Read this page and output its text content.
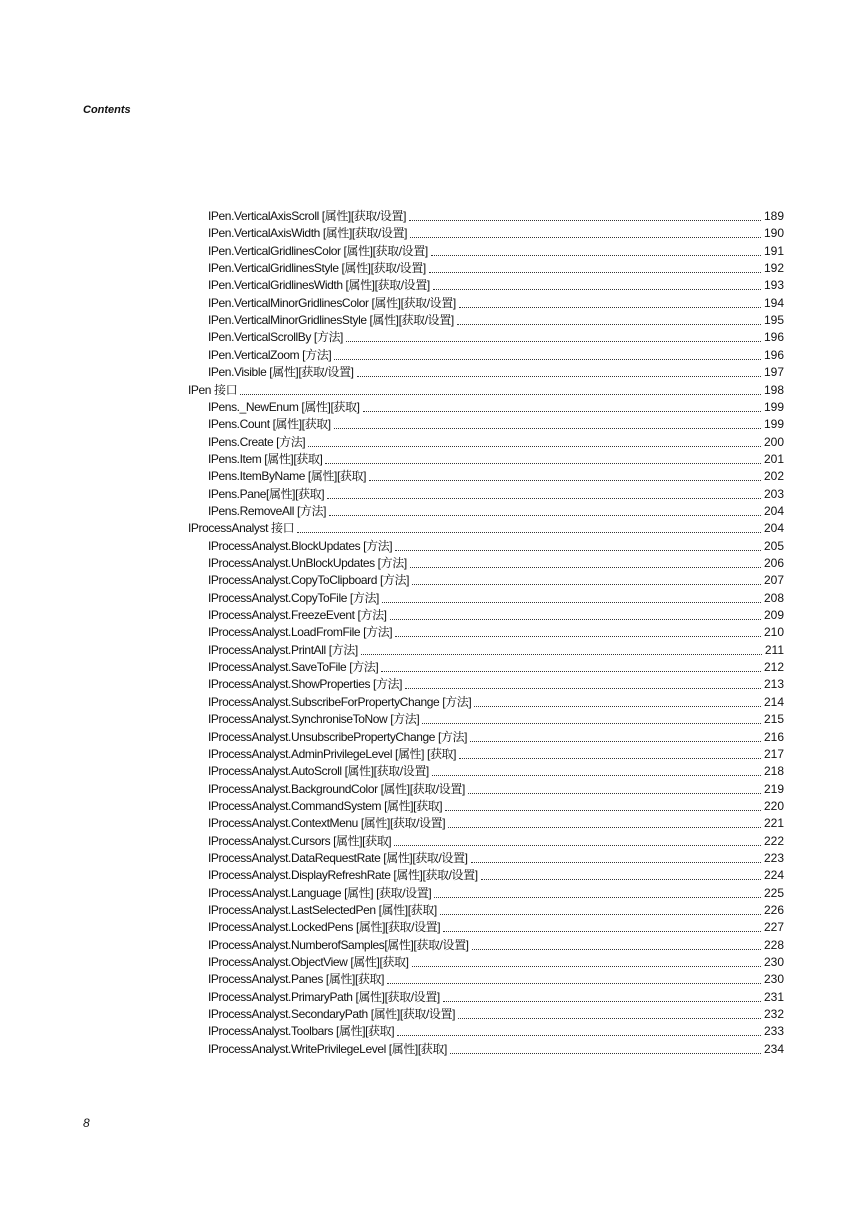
Contents
IPen.VerticalAxisScroll [属性][获取/设置]	189
IPen.VerticalAxisWidth [属性][获取/设置]	190
IPen.VerticalGridlinesColor [属性][获取/设置]	191
IPen.VerticalGridlinesStyle [属性][获取/设置]	192
IPen.VerticalGridlinesWidth [属性][获取/设置]	193
IPen.VerticalMinorGridlinesColor [属性][获取/设置]	194
IPen.VerticalMinorGridlinesStyle [属性][获取/设置]	195
IPen.VerticalScrollBy [方法]	196
IPen.VerticalZoom [方法]	196
IPen.Visible [属性][获取/设置]	197
IPen 接口	198
IPens._NewEnum [属性][获取]	199
IPens.Count [属性][获取]	199
IPens.Create [方法]	200
IPens.Item [属性][获取]	201
IPens.ItemByName [属性][获取]	202
IPens.Pane[属性][获取]	203
IPens.RemoveAll [方法]	204
IProcessAnalyst 接口	204
IProcessAnalyst.BlockUpdates [方法]	205
IProcessAnalyst.UnBlockUpdates [方法]	206
IProcessAnalyst.CopyToClipboard [方法]	207
IProcessAnalyst.CopyToFile [方法]	208
IProcessAnalyst.FreezeEvent [方法]	209
IProcessAnalyst.LoadFromFile [方法]	210
IProcessAnalyst.PrintAll [方法]	211
IProcessAnalyst.SaveToFile [方法]	212
IProcessAnalyst.ShowProperties [方法]	213
IProcessAnalyst.SubscribeForPropertyChange [方法]	214
IProcessAnalyst.SynchroniseToNow [方法]	215
IProcessAnalyst.UnsubscribePropertyChange [方法]	216
IProcessAnalyst.AdminPrivilegeLevel [属性] [获取]	217
IProcessAnalyst.AutoScroll [属性][获取/设置]	218
IProcessAnalyst.BackgroundColor [属性][获取/设置]	219
IProcessAnalyst.CommandSystem [属性][获取]	220
IProcessAnalyst.ContextMenu [属性][获取/设置]	221
IProcessAnalyst.Cursors [属性][获取]	222
IProcessAnalyst.DataRequestRate [属性][获取/设置]	223
IProcessAnalyst.DisplayRefreshRate [属性][获取/设置]	224
IProcessAnalyst.Language [属性] [获取/设置]	225
IProcessAnalyst.LastSelectedPen [属性][获取]	226
IProcessAnalyst.LockedPens [属性][获取/设置]	227
IProcessAnalyst.NumberofSamples[属性][获取/设置]	228
IProcessAnalyst.ObjectView [属性][获取]	230
IProcessAnalyst.Panes [属性][获取]	230
IProcessAnalyst.PrimaryPath [属性][获取/设置]	231
IProcessAnalyst.SecondaryPath [属性][获取/设置]	232
IProcessAnalyst.Toolbars [属性][获取]	233
IProcessAnalyst.WritePrivilegeLevel [属性][获取]	234
8
